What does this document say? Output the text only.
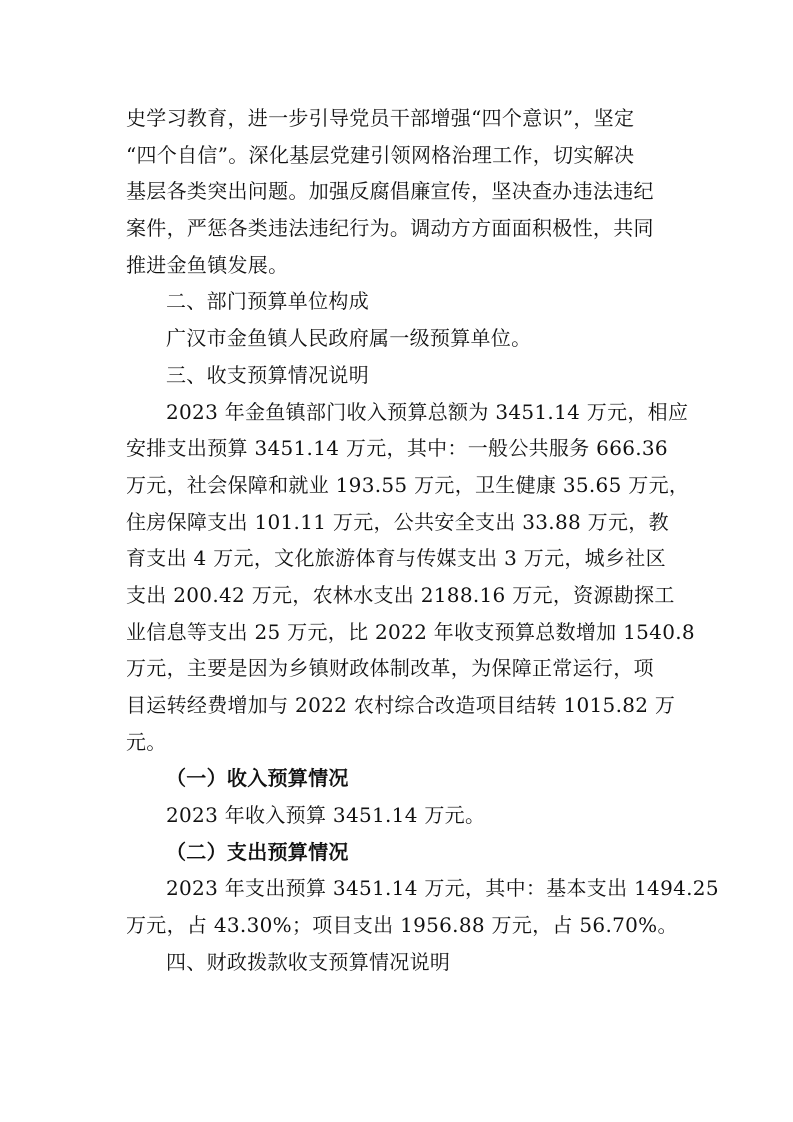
史学习教育，进一步引导党员干部增强“四个意识”，坚定
“四个自信”。深化基层党建引领网格治理工作，切实解决
基层各类突出问题。加强反腐倡廉宣传，坚决查办违法违纪
案件，严惩各类违法违纪行为。调动方方面面积极性，共同
推进金鱼镇发展。
二、部门预算单位构成
广汉市金鱼镇人民政府属一级预算单位。
三、收支预算情况说明
2023 年金鱼镇部门收入预算总额为 3451.14 万元，相应
安排支出预算 3451.14 万元，其中：一般公共服务 666.36
万元，社会保障和就业 193.55 万元，卫生健康 35.65 万元，
住房保障支出 101.11 万元，公共安全支出 33.88 万元，教
育支出 4 万元，文化旅游体育与传媒支出 3 万元，城乡社区
支出 200.42 万元，农林水支出 2188.16 万元，资源勘探工
业信息等支出 25 万元，比 2022 年收支预算总数增加 1540.8
万元，主要是因为乡镇财政体制改革，为保障正常运行，项
目运转经费增加与 2022 农村综合改造项目结转 1015.82 万
元。
（一）收入预算情况
2023 年收入预算 3451.14 万元。
（二）支出预算情况
2023 年支出预算 3451.14 万元，其中：基本支出 1494.25
万元，占 43.30%；项目支出 1956.88 万元，占 56.70%。
四、财政拨款收支预算情况说明
